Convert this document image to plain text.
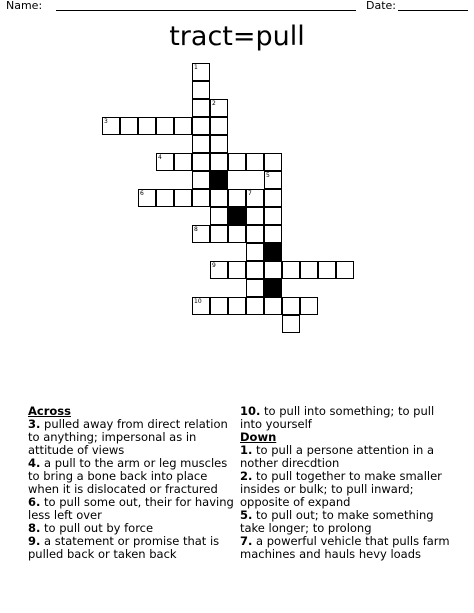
Name:	Date:
tract=pull
1
2
3
4
5
6	7
8
9
10
Across
3. pulled away from direct relation to anything; impersonal as in attitude of views
4. a pull to the arm or leg muscles to bring a bone back into place when it is dislocated or fractured
6. to pull some out, their for having less left over
8. to pull out by force
9. a statement or promise that is pulled back or taken back
10. to pull into something; to pull into yourself
Down
1. to pull a persone attention in a nother direcdtion
2. to pull together to make smaller insides or bulk; to pull inward; opposite of expand
5. to pull out; to make something take longer; to prolong
7. a powerful vehicle that pulls farm machines and hauls hevy loads
